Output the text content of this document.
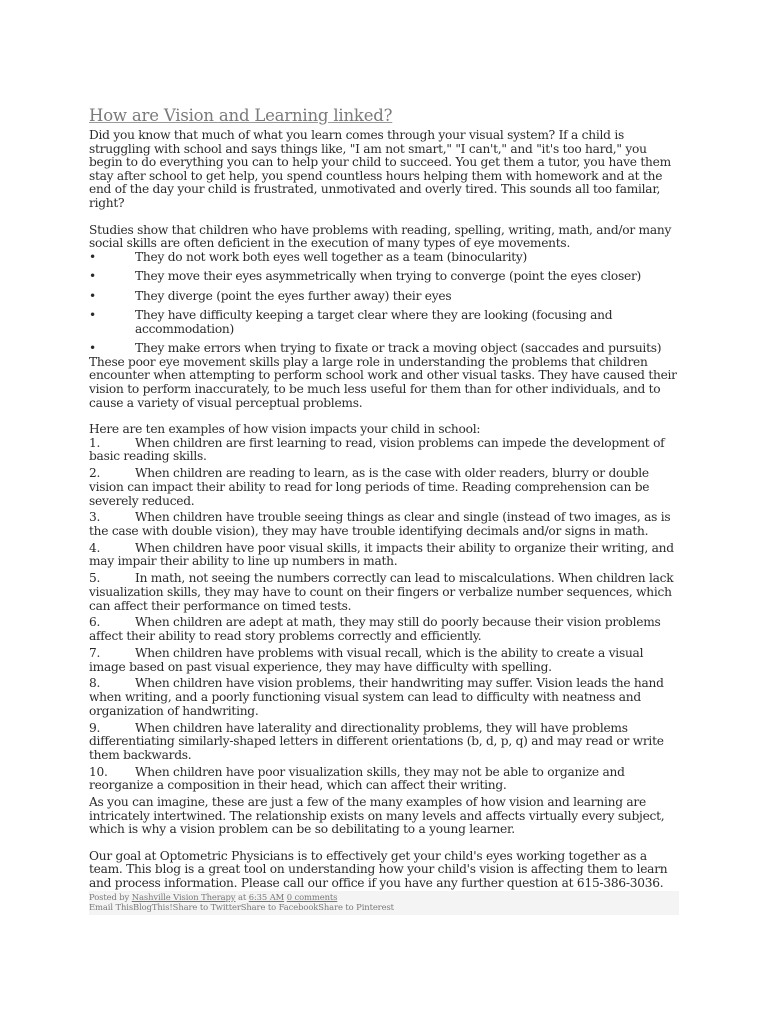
How are Vision and Learning linked?

Did you know that much of what you learn comes through your visual system? If a child is struggling with school and says things like, "I am not smart," "I can't," and "it's too hard," you begin to do everything you can to help your child to succeed. You get them a tutor, you have them stay after school to get help, you spend countless hours helping them with homework and at the end of the day your child is frustrated, unmotivated and overly tired. This sounds all too familar, right?

Studies show that children who have problems with reading, spelling, writing, math, and/or many social skills are often deficient in the execution of many types of eye movements.

•	They do not work both eyes well together as a team (binocularity)
•	They move their eyes asymmetrically when trying to converge (point the eyes closer)
•	They diverge (point the eyes further away) their eyes
•	They have difficulty keeping a target clear where they are looking (focusing and accommodation)
•	They make errors when trying to fixate or track a moving object (saccades and pursuits)

These poor eye movement skills play a large role in understanding the problems that children encounter when attempting to perform school work and other visual tasks. They have caused their vision to perform inaccurately, to be much less useful for them than for other individuals, and to cause a variety of visual perceptual problems.

Here are ten examples of how vision impacts your child in school:

1.	When children are first learning to read, vision problems can impede the development of basic reading skills.
2.	When children are reading to learn, as is the case with older readers, blurry or double vision can impact their ability to read for long periods of time. Reading comprehension can be severely reduced.
3.	When children have trouble seeing things as clear and single (instead of two images, as is the case with double vision), they may have trouble identifying decimals and/or signs in math.
4.	When children have poor visual skills, it impacts their ability to organize their writing, and may impair their ability to line up numbers in math.
5.	In math, not seeing the numbers correctly can lead to miscalculations. When children lack visualization skills, they may have to count on their fingers or verbalize number sequences, which can affect their performance on timed tests.
6.	When children are adept at math, they may still do poorly because their vision problems affect their ability to read story problems correctly and efficiently.
7.	When children have problems with visual recall, which is the ability to create a visual image based on past visual experience, they may have difficulty with spelling.
8.	When children have vision problems, their handwriting may suffer. Vision leads the hand when writing, and a poorly functioning visual system can lead to difficulty with neatness and organization of handwriting.
9.	When children have laterality and directionality problems, they will have problems differentiating similarly-shaped letters in different orientations (b, d, p, q) and may read or write them backwards.
10. When children have poor visualization skills, they may not be able to organize and reorganize a composition in their head, which can affect their writing.

As you can imagine, these are just a few of the many examples of how vision and learning are intricately intertwined. The relationship exists on many levels and affects virtually every subject, which is why a vision problem can be so debilitating to a young learner.

Our goal at Optometric Physicians is to effectively get your child's eyes working together as a team. This blog is a great tool on understanding how your child's vision is affecting them to learn and process information. Please call our office if you have any further question at 615-386-3036.

Posted by Nashville Vision Therapy at 6:35 AM 0 comments
Email ThisBlogThis!Share to TwitterShare to FacebookShare to Pinterest
